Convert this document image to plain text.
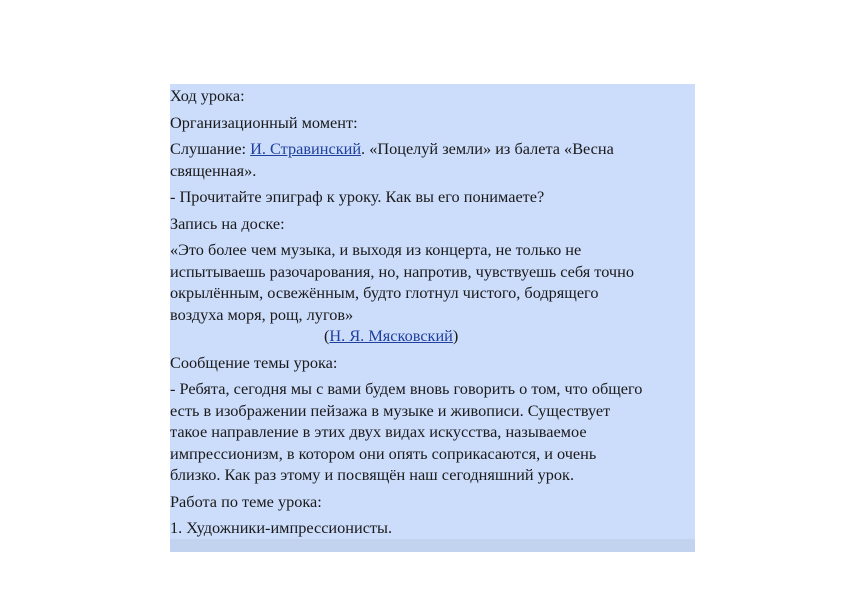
Ход урока:

Организационный момент:

Слушание: И. Стравинский. «Поцелуй земли» из балета «Весна

священная».

- Прочитайте эпиграф к уроку. Как вы его понимаете?

Запись на доске:

«Это более чем музыка, и выходя из концерта, не только не

испытываешь разочарования, но, напротив, чувствуешь себя точно

окрылённым, освежённым, будто глотнул чистого, бодрящего

воздуха моря, рощ, лугов»

(Н. Я. Мясковский)

Сообщение темы урока:

- Ребята, сегодня мы с вами будем вновь говорить о том, что общего

есть в изображении пейзажа в музыке и живописи. Существует

такое направление в этих двух видах искусства, называемое

импрессионизм, в котором они опять соприкасаются, и очень

близко. Как раз этому и посвящён наш сегодняшний урок.

Работа по теме урока:

1. Художники-импрессионисты.
